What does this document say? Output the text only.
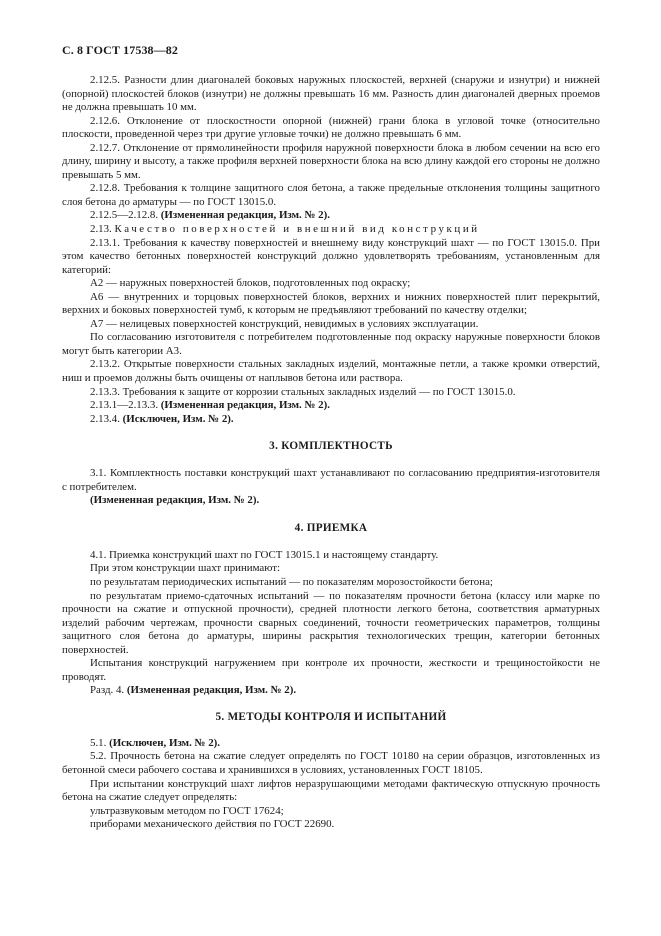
С. 8 ГОСТ 17538—82

2.12.5. Разности длин диагоналей боковых наружных плоскостей, верхней (снаружи и изнутри) и нижней (опорной) плоскостей блоков (изнутри) не должны превышать 16 мм. Разность длин диагоналей дверных проемов не должна превышать 10 мм.

2.12.6. Отклонение от плоскостности опорной (нижней) грани блока в угловой точке (относительно плоскости, проведенной через три другие угловые точки) не должно превышать 6 мм.

2.12.7. Отклонение от прямолинейности профиля наружной поверхности блока в любом сечении на всю его длину, ширину и высоту, а также профиля верхней поверхности блока на всю длину каждой его стороны не должно превышать 5 мм.

2.12.8. Требования к толщине защитного слоя бетона, а также предельные отклонения толщины защитного слоя бетона до арматуры — по ГОСТ 13015.0.

2.12.5—2.12.8. (Измененная редакция, Изм. № 2).

2.13. Качество поверхностей и внешний вид конструкций

2.13.1. Требования к качеству поверхностей и внешнему виду конструкций шахт — по ГОСТ 13015.0. При этом качество бетонных поверхностей конструкций должно удовлетворять требованиям, установленным для категорий:

А2 — наружных поверхностей блоков, подготовленных под окраску;

А6 — внутренних и торцовых поверхностей блоков, верхних и нижних поверхностей плит перекрытий, верхних и боковых поверхностей тумб, к которым не предъявляют требований по качеству отделки;

А7 — нелицевых поверхностей конструкций, невидимых в условиях эксплуатации.

По согласованию изготовителя с потребителем подготовленные под окраску наружные поверхности блоков могут быть категории А3.

2.13.2. Открытые поверхности стальных закладных изделий, монтажные петли, а также кромки отверстий, ниш и проемов должны быть очищены от наплывов бетона или раствора.

2.13.3. Требования к защите от коррозии стальных закладных изделий — по ГОСТ 13015.0.

2.13.1—2.13.3. (Измененная редакция, Изм. № 2).

2.13.4. (Исключен, Изм. № 2).

3. КОМПЛЕКТНОСТЬ

3.1. Комплектность поставки конструкций шахт устанавливают по согласованию предприятия-изготовителя с потребителем.

(Измененная редакция, Изм. № 2).

4. ПРИЕМКА

4.1. Приемка конструкций шахт по ГОСТ 13015.1 и настоящему стандарту.

При этом конструкции шахт принимают:

по результатам периодических испытаний — по показателям морозостойкости бетона;

по результатам приемо-сдаточных испытаний — по показателям прочности бетона (классу или марке по прочности на сжатие и отпускной прочности), средней плотности легкого бетона, соответствия арматурных изделий рабочим чертежам, прочности сварных соединений, точности геометрических параметров, толщины защитного слоя бетона до арматуры, ширины раскрытия технологических трещин, категории бетонных поверхностей.

Испытания конструкций нагружением при контроле их прочности, жесткости и трещиностойкости не проводят.

Разд. 4. (Измененная редакция, Изм. № 2).

5. МЕТОДЫ КОНТРОЛЯ И ИСПЫТАНИЙ

5.1. (Исключен, Изм. № 2).

5.2. Прочность бетона на сжатие следует определять по ГОСТ 10180 на серии образцов, изготовленных из бетонной смеси рабочего состава и хранившихся в условиях, установленных ГОСТ 18105.

При испытании конструкций шахт лифтов неразрушающими методами фактическую отпускную прочность бетона на сжатие следует определять:

ультразвуковым методом по ГОСТ 17624;

приборами механического действия по ГОСТ 22690.
